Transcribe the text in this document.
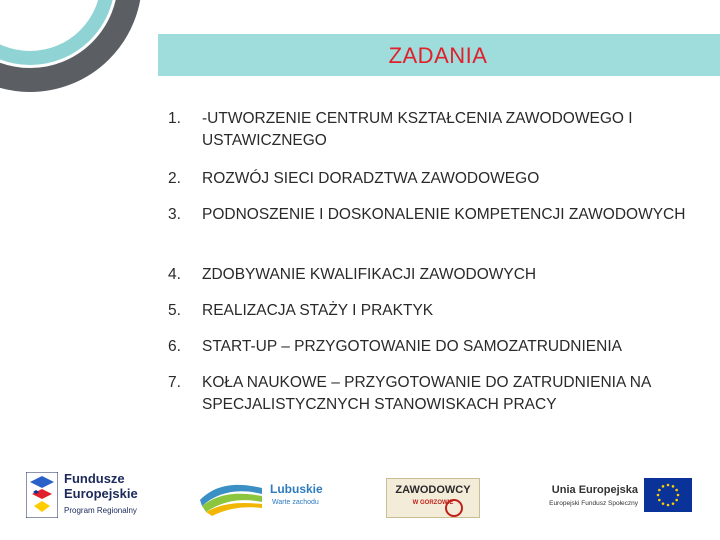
ZADANIA
1.	-UTWORZENIE CENTRUM KSZTAŁCENIA ZAWODOWEGO I USTAWICZNEGO
2.	ROZWÓJ SIECI DORADZTWA ZAWODOWEGO
3.	PODNOSZENIE I DOSKONALENIE KOMPETENCJI ZAWODOWYCH
4.	ZDOBYWANIE KWALIFIKACJI ZAWODOWYCH
5.	REALIZACJA STAŻY I PRAKTYK
6.	START-UP – PRZYGOTOWANIE DO SAMOZATRUDNIENIA
7.	KOŁA NAUKOWE – PRZYGOTOWANIE DO ZATRUDNIENIA NA SPECJALISTYCZNYCH STANOWISKACH PRACY
Fundusze
Europejskie
Program Regionalny
Lubuskie
Warte zachodu
ZAWODOWCY
W GORZOWIE
Unia Europejska
Europejski Fundusz Społeczny
